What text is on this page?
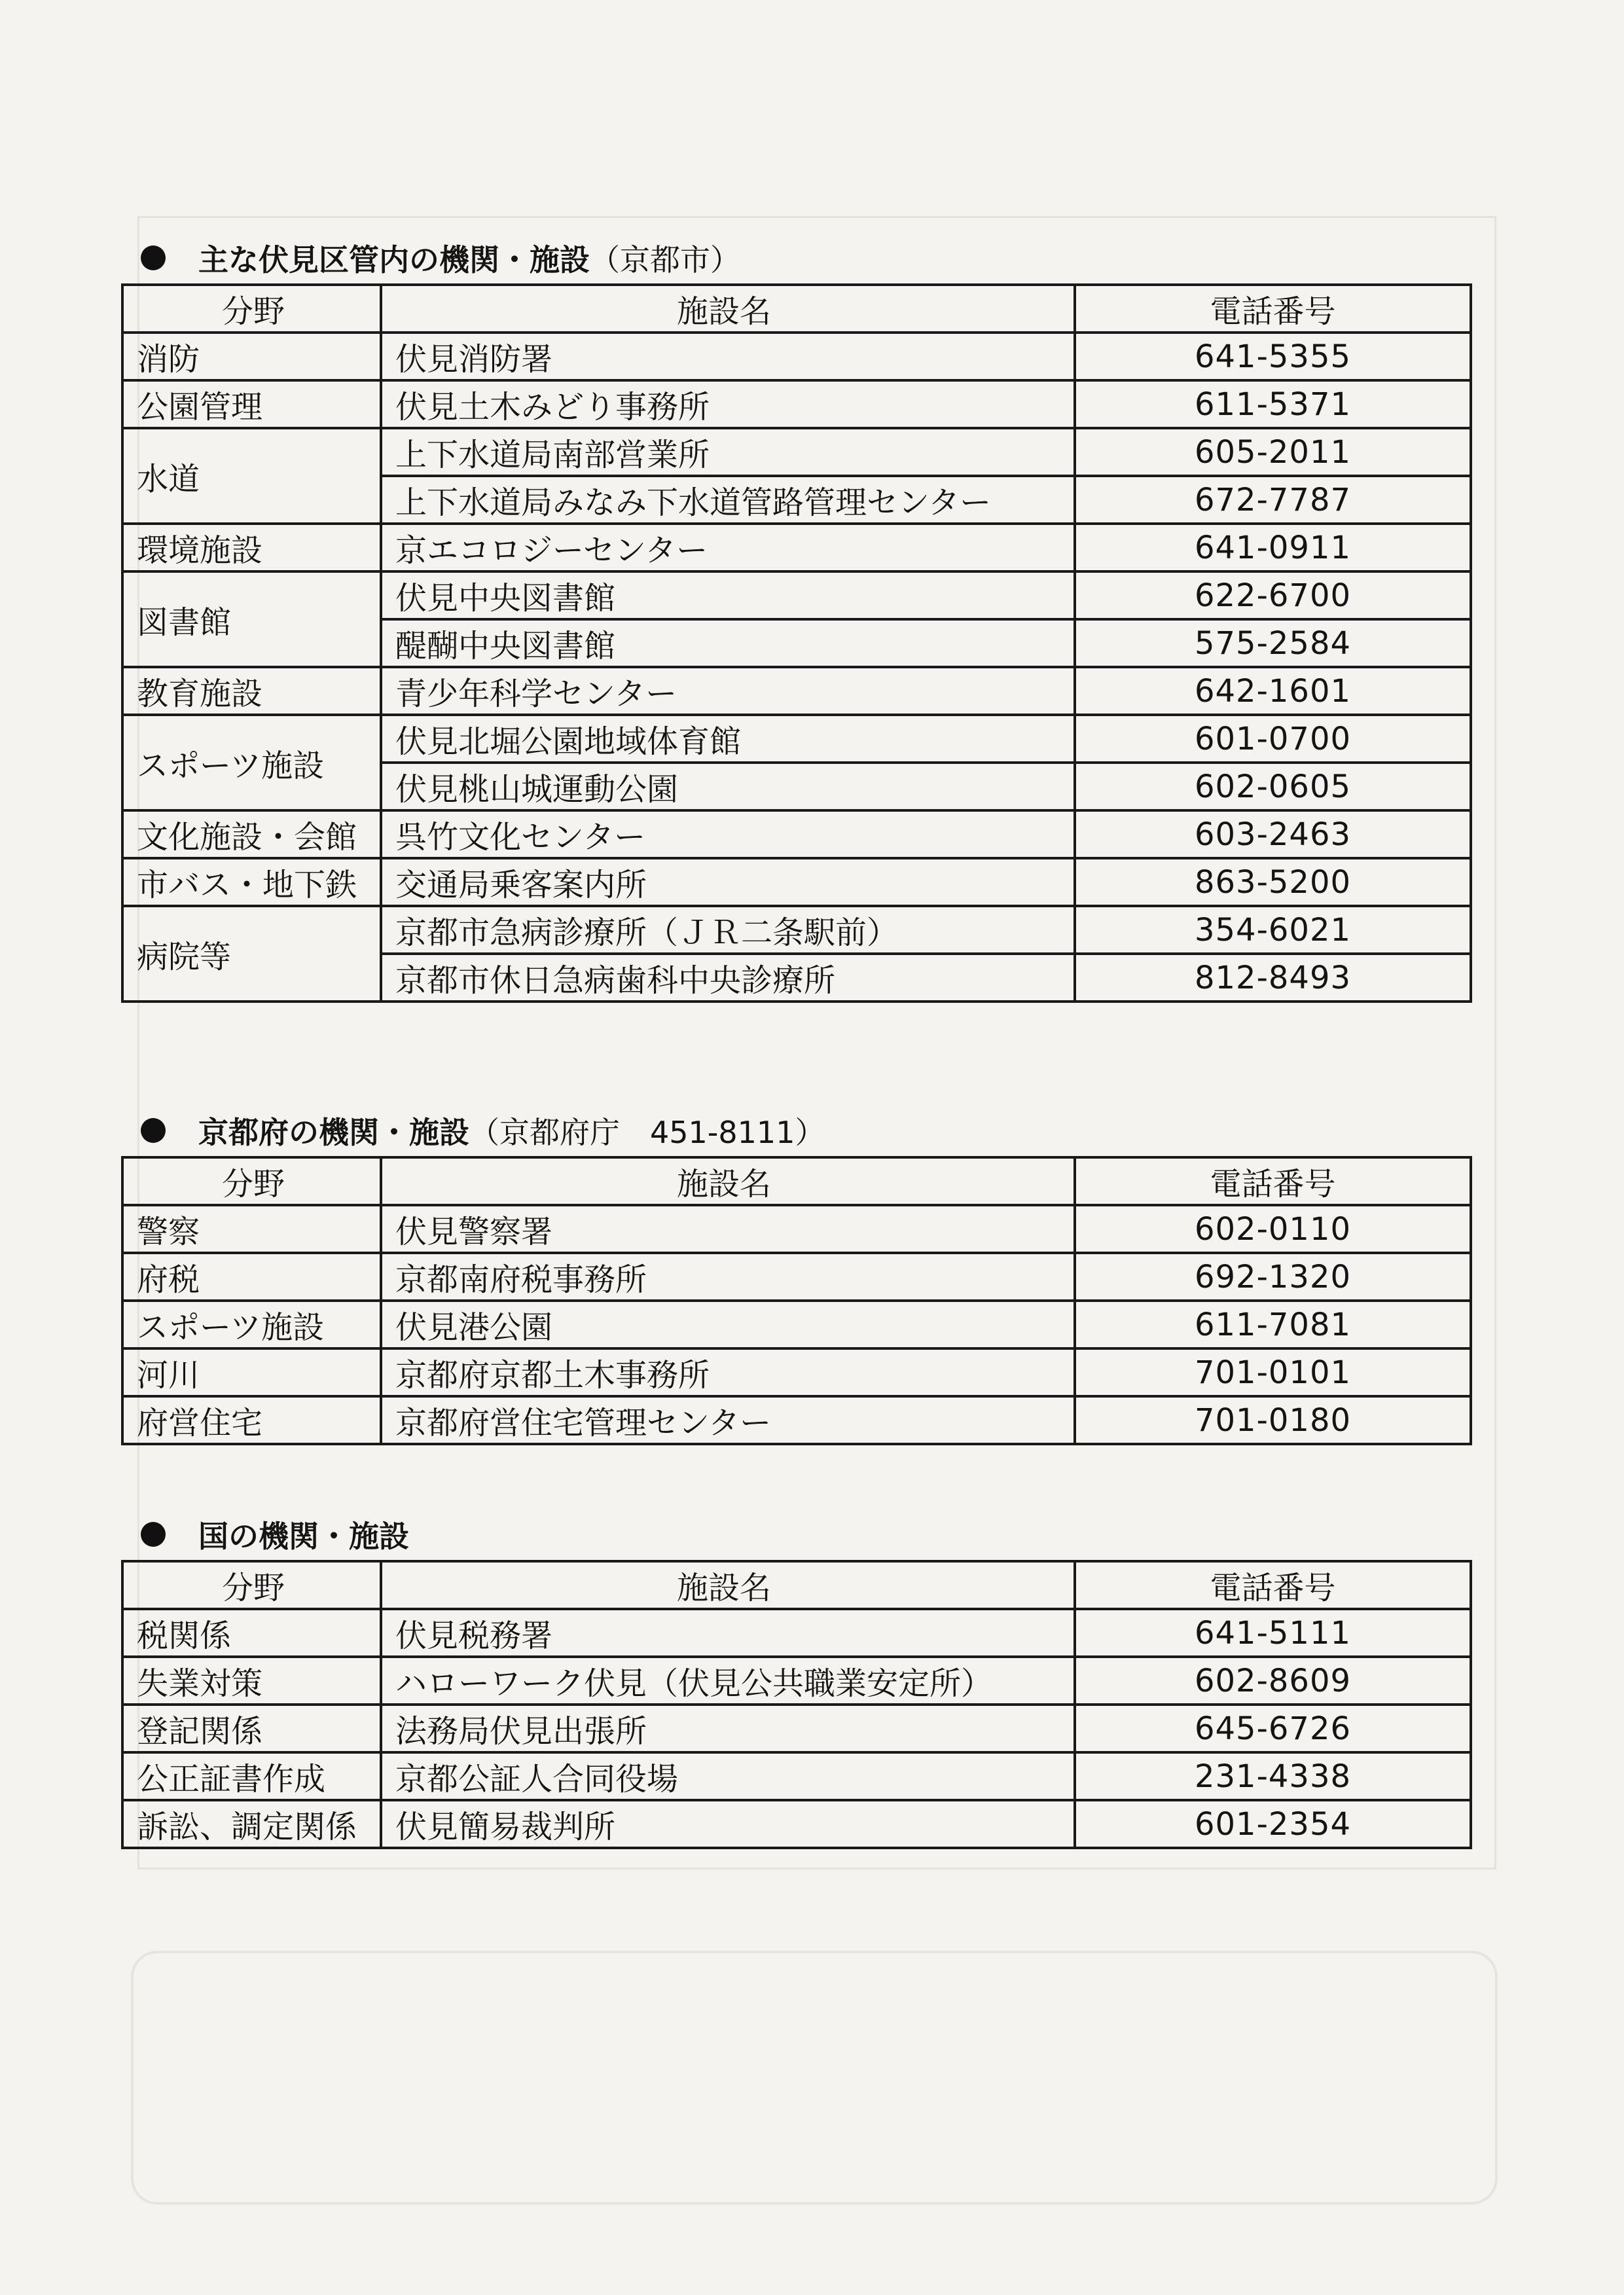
主な伏見区管内の機関・施設 （京都市）
分野	施設名	電話番号
消防	伏見消防署	641-5355
公園管理	伏見土木みどり事務所	611-5371
水道	上下水道局南部営業所	605-2011
	上下水道局みなみ下水道管路管理センター	672-7787
環境施設	京エコロジーセンター	641-0911
図書館	伏見中央図書館	622-6700
	醍醐中央図書館	575-2584
教育施設	青少年科学センター	642-1601
スポーツ施設	伏見北堀公園地域体育館	601-0700
	伏見桃山城運動公園	602-0605
文化施設・会館	呉竹文化センター	603-2463
市バス・地下鉄	交通局乗客案内所	863-5200
病院等	京都市急病診療所（ＪＲ二条駅前）	354-6021
	京都市休日急病歯科中央診療所	812-8493
京都府の機関・施設 （京都府庁　451-8111）
分野	施設名	電話番号
警察	伏見警察署	602-0110
府税	京都南府税事務所	692-1320
スポーツ施設	伏見港公園	611-7081
河川	京都府京都土木事務所	701-0101
府営住宅	京都府営住宅管理センター	701-0180
国の機関・施設
分野	施設名	電話番号
税関係	伏見税務署	641-5111
失業対策	ハローワーク伏見（伏見公共職業安定所）	602-8609
登記関係	法務局伏見出張所	645-6726
公正証書作成	京都公証人合同役場	231-4338
訴訟、調定関係	伏見簡易裁判所	601-2354
